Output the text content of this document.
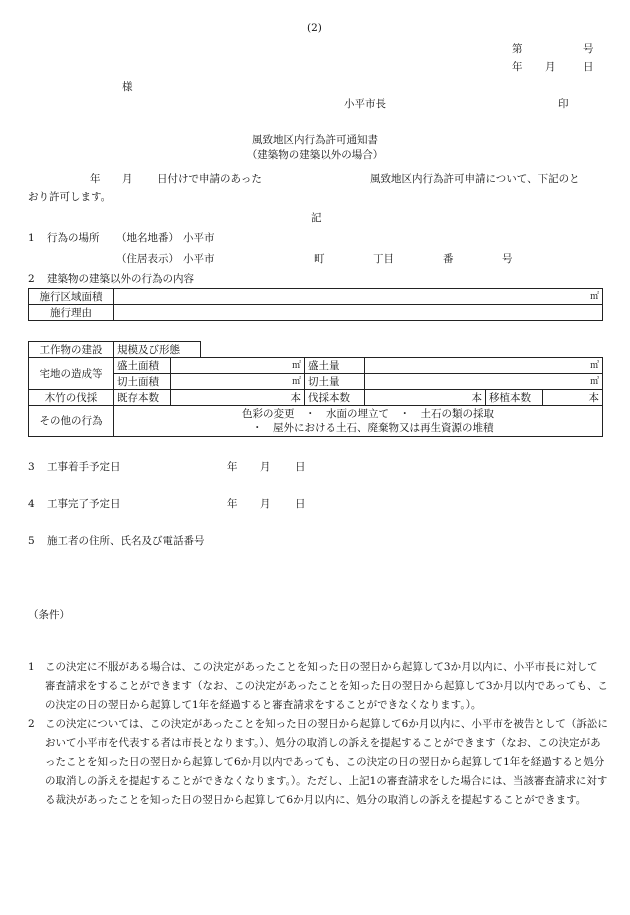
(2)
第	号
年 月	日
様
小平市長	印
風致地区内行為許可通知書
（建築物の建築以外の場合）
年 月 日付けで申請のあった	風致地区内行為許可申請について、下記のと
おり許可します。
記
1 行為の場所 （地名地番） 小平市
（住居表示） 小平市	町	丁目	番	号
2 建築物の建築以外の行為の内容
施行区域面積	㎡
施行理由	
工作物の建設	規模及び形態						
宅地の造成等	盛土面積	㎡		盛土量	㎥		
	切土面積	㎡		切土量	㎥		
木竹の伐採	既存本数	本		伐採本数	本	移植本数	本
その他の行為	色彩の変更　・　水面の埋立て　・　土石の類の採取
・　屋外における土石、廃棄物又は再生資源の堆積						
3 工事着手予定日	年 月 日
4 工事完了予定日	年 月 日
5 施工者の住所、氏名及び電話番号
（条件）
1 この決定に不服がある場合は、この決定があったことを知った日の翌日から起算して3か月以内に、小平市長に対して審査請求をすることができます（なお、この決定があったことを知った日の翌日から起算して3か月以内であっても、この決定の日の翌日から起算して1年を経過すると審査請求をすることができなくなります。）。
2 この決定については、この決定があったことを知った日の翌日から起算して6か月以内に、小平市を被告として（訴訟において小平市を代表する者は市長となります。）、処分の取消しの訴えを提起することができます（なお、この決定があったことを知った日の翌日から起算して6か月以内であっても、この決定の日の翌日から起算して1年を経過すると処分の取消しの訴えを提起することができなくなります。）。ただし、上記1の審査請求をした場合には、当該審査請求に対する裁決があったことを知った日の翌日から起算して6か月以内に、処分の取消しの訴えを提起することができます。
